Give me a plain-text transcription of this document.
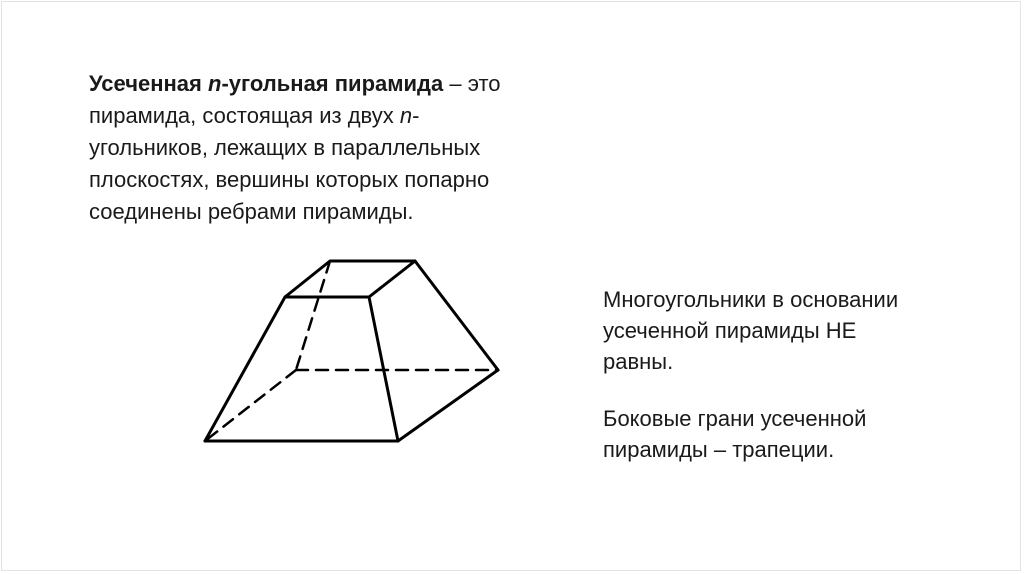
Усеченная n-угольная пирамида – это
пирамида, состоящая из двух n-
угольников, лежащих в параллельных
плоскостях, вершины которых попарно
соединены ребрами пирамиды.

Многоугольники в основании
усеченной пирамиды НЕ
равны.

Боковые грани усеченной
пирамиды – трапеции.
